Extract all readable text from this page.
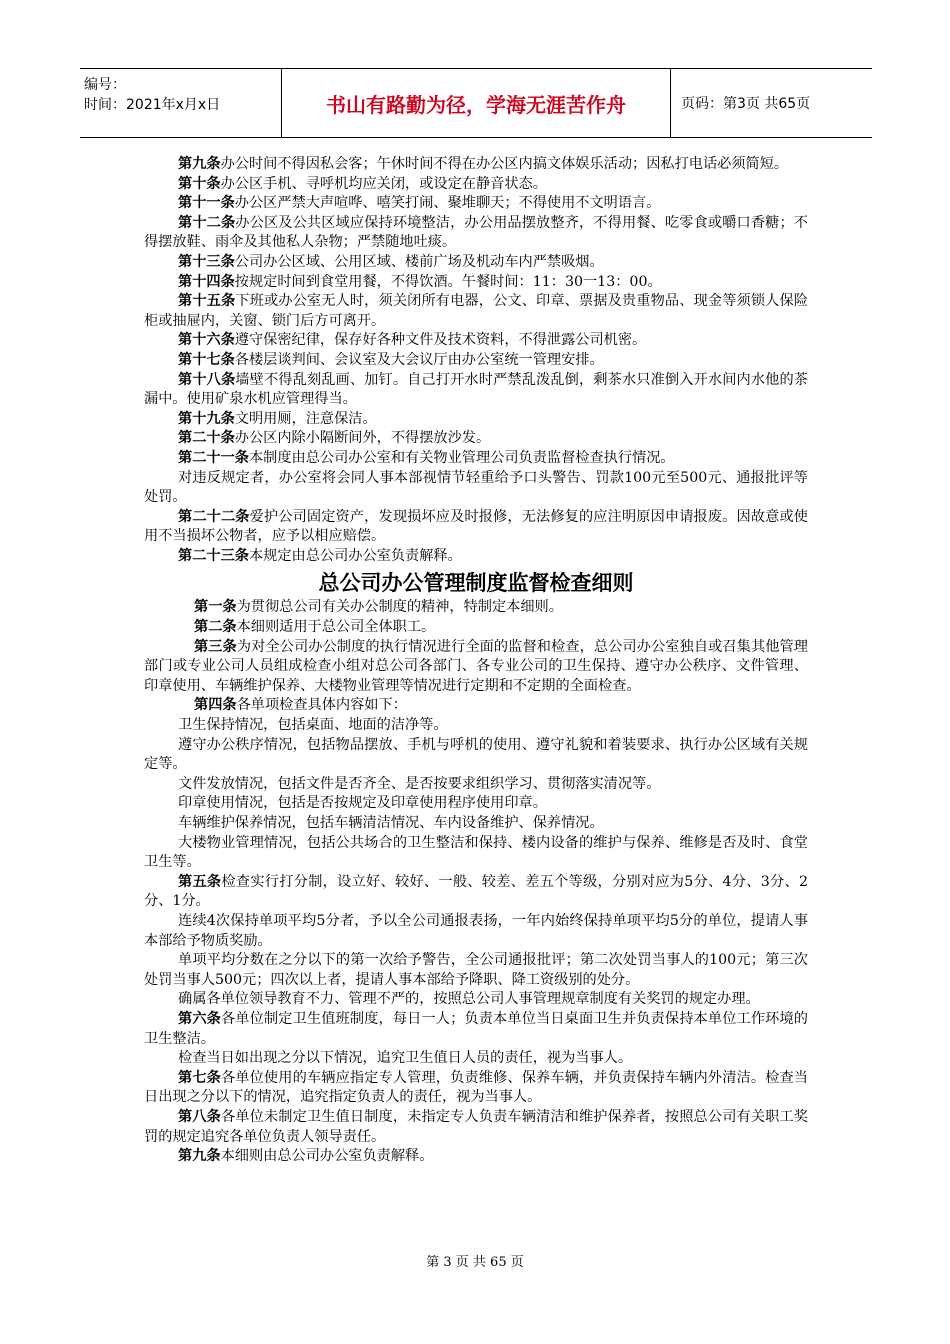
编号：
时间：2021年x月x日	书山有路勤为径，学海无涯苦作舟	页码：第3页 共65页

第九条办公时间不得因私会客；午休时间不得在办公区内搞文体娱乐活动；因私打电话必须简短。

第十条办公区手机、寻呼机均应关闭，或设定在静音状态。

第十一条办公区严禁大声喧哗、嘻笑打闹、聚堆聊天；不得使用不文明语言。

第十二条办公区及公共区域应保持环境整洁，办公用品摆放整齐，不得用餐、吃零食或嚼口香糖；不得摆放鞋、雨伞及其他私人杂物；严禁随地吐痰。

第十三条公司办公区域、公用区域、楼前广场及机动车内严禁吸烟。

第十四条按规定时间到食堂用餐，不得饮酒。午餐时间：11：30一13：00。

第十五条下班或办公室无人时，须关闭所有电器，公文、印章、票据及贵重物品、现金等须锁人保险柜或抽屉内，关窗、锁门后方可离开。

第十六条遵守保密纪律，保存好各种文件及技术资料，不得泄露公司机密。

第十七条各楼层谈判间、会议室及大会议厅由办公室统一管理安排。

第十八条墙壁不得乱刻乱画、加钉。自己打开水时严禁乱泼乱倒，剩茶水只准倒入开水间内水他的茶漏中。使用矿泉水机应管理得当。

第十九条文明用厕，注意保洁。

第二十条办公区内除小隔断间外，不得摆放沙发。

第二十一条本制度由总公司办公室和有关物业管理公司负责监督检查执行情况。

对违反规定者，办公室将会同人事本部视情节轻重给予口头警告、罚款100元至500元、通报批评等处罚。

第二十二条爱护公司固定资产，发现损坏应及时报修，无法修复的应注明原因申请报废。因故意或使用不当损坏公物者，应予以相应赔偿。

第二十三条本规定由总公司办公室负责解释。

总公司办公管理制度监督检查细则

第一条为贯彻总公司有关办公制度的精神，特制定本细则。

第二条本细则适用于总公司全体职工。

第三条为对全公司办公制度的执行情况进行全面的监督和检查，总公司办公室独自或召集其他管理部门或专业公司人员组成检查小组对总公司各部门、各专业公司的卫生保持、遵守办公秩序、文件管理、印章使用、车辆维护保养、大楼物业管理等情况进行定期和不定期的全面检查。

第四条各单项检查具体内容如下：

卫生保持情况，包括桌面、地面的洁净等。

遵守办公秩序情况，包括物品摆放、手机与呼机的使用、遵守礼貌和着装要求、执行办公区域有关规定等。

文件发放情况，包括文件是否齐全、是否按要求组织学习、贯彻落实清况等。

印章使用情况，包括是否按规定及印章使用程序使用印章。

车辆维护保养情况，包括车辆清洁情况、车内设备维护、保养情况。

大楼物业管理情况，包括公共场合的卫生整洁和保持、楼内设备的维护与保养、维修是否及时、食堂卫生等。

第五条检查实行打分制，设立好、较好、一般、较差、差五个等级，分别对应为5分、4分、3分、2分、1分。

连续4次保持单项平均5分者，予以全公司通报表扬，一年内始终保持单项平均5分的单位，提请人事本部给予物质奖励。

单项平均分数在之分以下的第一次给予警告，全公司通报批评；第二次处罚当事人的100元；第三次处罚当事人500元；四次以上者，提请人事本部给予降职、降工资级别的处分。

确属各单位领导教育不力、管理不严的，按照总公司人事管理规章制度有关奖罚的规定办理。

第六条各单位制定卫生值班制度，每日一人；负责本单位当日桌面卫生并负责保持本单位工作环境的卫生整洁。

检查当日如出现之分以下情况，追究卫生值日人员的责任，视为当事人。

第七条各单位使用的车辆应指定专人管理，负责维修、保养车辆，并负责保持车辆内外清洁。检查当日出现之分以下的情况，追究指定负责人的责任，视为当事人。

第八条各单位未制定卫生值日制度，未指定专人负责车辆清洁和维护保养者，按照总公司有关职工奖罚的规定追究各单位负责人领导责任。

第九条本细则由总公司办公室负责解释。

第 3 页 共 65 页
